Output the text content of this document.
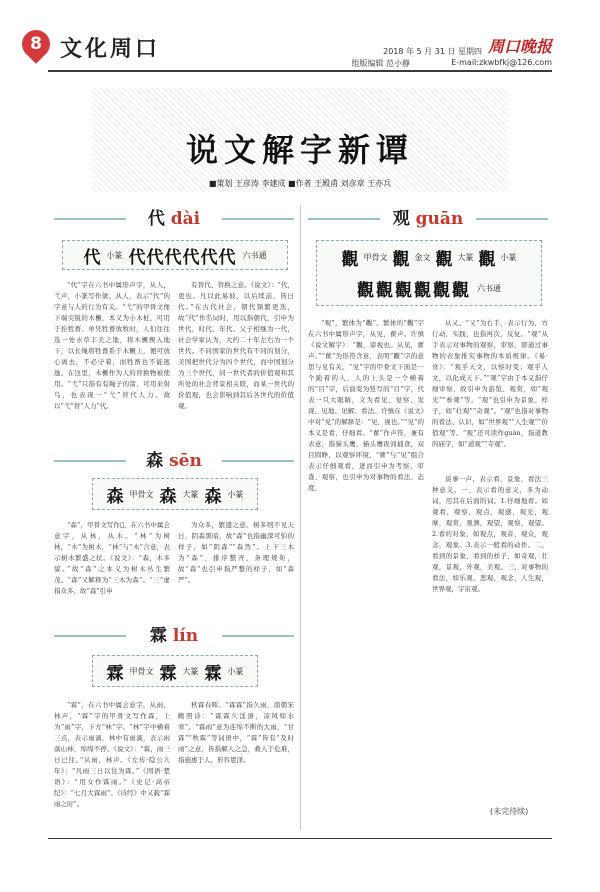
8 文化周口	2018 年 5 月 31 日 星期四 周口晚报
组版编辑 范小静	E-mail:zkwbfkj@126.com
说文解字新谭
■策划 王彦涛 李建成 ■作者 王殿甫 刘彦章 王亦兵
代 dài
代 小篆 代代代代代代 六书通

“代”字在六书中属形声字，从人，弋声，小篆写作㒅。从人，表示“代”的字意与人的行为有关。“弋”的甲骨文像下端尖锐的木橛，本义为小木桩，可用于拴牲畜。单凭牲畜放牧时，人们往往选一处水草丰美之地，将木橛揳入地下，以长绳将牲畜系于木橛上，便可放心离去，不必守着，而牲畜也不能逃逸。在这里，木橛作为人的替换物被使用。“弋”只指有有绳子的箭，可用来射鸟，也表现一“弋”替代人力。故以“弋”替“人力”代。

有替代、替换之意。《说文》：“代，更也。凡以此易彼，以后续前，皆曰代。”在古代社会，朝代频繁更迭，故“代”作名词时，用以指朝代，引申为世代，时代、年代。父子相继为一代，社会学家认为，大约二十年左右为一个世代。不同国家的世代有不同的划分，美国把世代分为四个世代，而中国划分为三个世代，同一世代者的价值观和其所处的社会背景相关联，而某一世代的价值观，也会影响到其后各世代的价值观。

森 sēn
森 甲骨文 森 大篆 森 小篆

“森”，甲骨文写作𣘶，在六书中属会意字，从林，从木。“林”为树林，“木”为树木，“林”与“木”合意，表示树木繁盛之状。《说文》：“森，木多貌。”故“森”之本义为树木丛生繁茂。“森”又解释为“三木为森”。“三”虚指众多，故“森”引申

为众多，繁盛之意。树多则不见天日，阴森黑暗，故“森”也指幽深可怕的样子，如“阴森”“森然”。上下三木为“森”，排序整齐，条理规矩，故“森”也引申指严整的样子，如“森严”。

霖 lín
霖 甲骨文 霖 大篆 霖 小篆

“霖”，在六书中属会意字，从雨，林声，“霖”字的甲骨文写作霖，上为“雨”字，下方“林”字。“林”字中横着三点，表示雨滴，林中有雨滴，表示雨落山林，绵绵不停。《说文》：“霖，雨三日已往。”从雨，林声。《左传·隐公九年》：“凡雨三日以往为霖。”《国语·楚语》：“用女作霖雨。”《史记·高帝纪》：“七月大霖雨”。《诗经》中又载“霖雨之时”。

秋霖春晖。“霖霖”指久雨，南朝宋鲍照诗：“霖霖久淫潦，凉风如水寒”。“霖雨”意为连绵不断的大雨，“甘霖”“秋霖”等词语中，“霖”皆有“及时雨”之意，皆指解人之急，救人于危难，指施惠于人。形容恩泽。

观 guān
觀 甲骨文 觀 金文 觀 大篆 觀 小篆
觀觀觀觀觀觀 六书通

“观”，繁体为“觀”。繁体的“觀”字在六书中属形声字，从见，雚声。许慎《说文解字》：“觀，谛视也。从见，雚声。”“雚”为形符含意，表明“觀”字的意思与见有关。“见”字的甲骨文下面是一个跪着的人，人的上头是一个横着的“目”字，后演变为竖写的“目”字，代表一只大眼睛，义为看见、觉察、发现、见地、见解、看法。许慎在《说文》中对“见”的解释是：“见，视也。”“见”的本义是看，仔细看。“雚”作声符，兼有表意，指猫头鹰，猫头鹰夜间捕食，双目圆睁，以观察环境，“雚”与“见”组合表示仔细观看，进而引申为考察、审查、观察，也引申为对事物的看法、态度。

从又。“又”为右手，表示行为，方行动，实践，也指再次，反复。“观”从手表示对事物的观察，审察，即通过事物的表象推究事物的本质规律。《易·贲》：“观乎天文，以察时变；观乎人文，以化成天下。”“观”字由于本义指仔细审察，故引申为游览、观赏，如“观光”“参观”等。“观”也引申为景象、样子，如“壮观”“奇观”。“观”也指对事物的看法、认识，如“世界观”“人生观”“价值观”等。“观”还可读作guàn，指道教的庙宇，如“道观”“寺观”。

谈事一声，表示看，景象，看法三种意义。一、表示看的意义，多为动词，用其在后面的词。1.仔细地看。如观看，观察，观点，观感，观光，观摩，观赏，观测，观望，观察，观望。2.看的对象，如观点，观音，观众，观念，观象。3.表示一般看的动作。二、看到的景象，看到的样子，如奇观，壮观，景观，外观，美观。三、对事物的看法，如乐观，悲观，观念，人生观，世界观，宇宙观。

(未完待续)
